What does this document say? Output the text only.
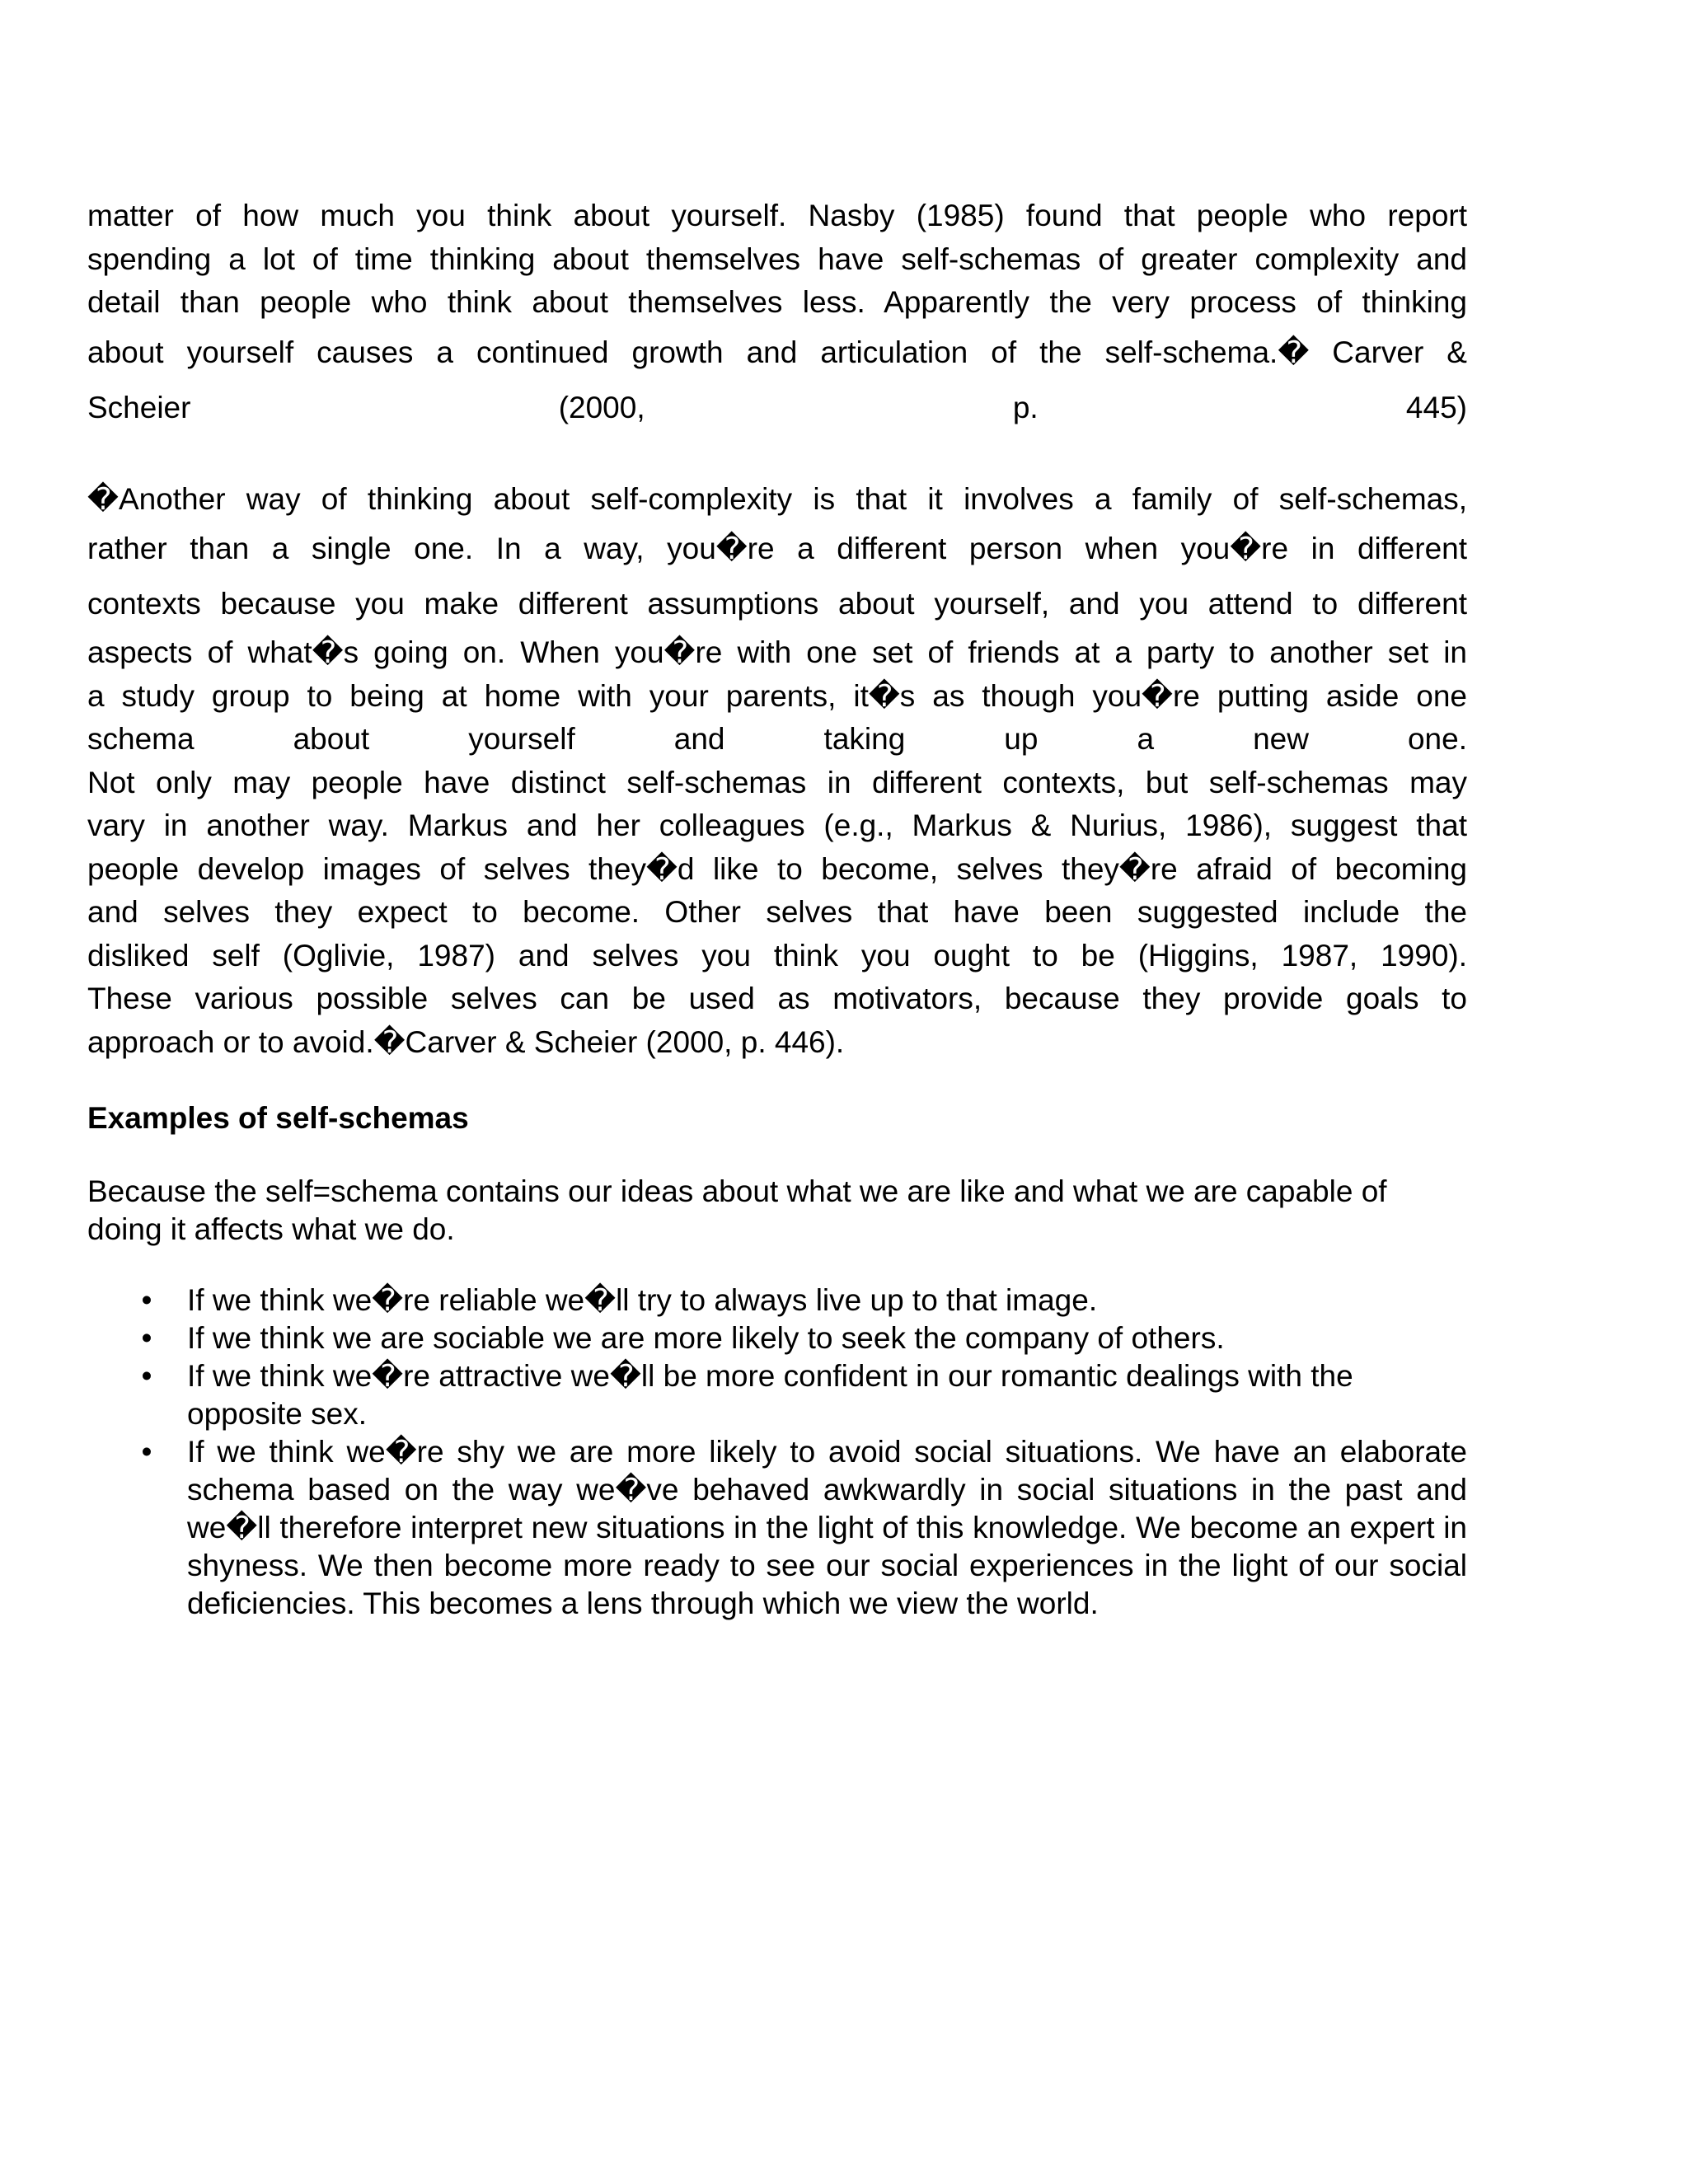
matter of how much you think about yourself. Nasby (1985) found that people who report
spending a lot of time thinking about themselves have self-schemas of greater complexity and
detail than people who think about themselves less. Apparently the very process of thinking
about yourself causes a continued growth and articulation of the self-schema.� Carver &
Scheier (2000, p. 445)
�Another way of thinking about self-complexity is that it involves a family of self-schemas,
rather than a single one. In a way, you�re a different person when you�re in different
contexts because you make different assumptions about yourself, and you attend to different
aspects of what�s going on. When you�re with one set of friends at a party to another set in
a study group to being at home with your parents, it�s as though you�re putting aside one
schema about yourself and taking up a new one.
Not only may people have distinct self-schemas in different contexts, but self-schemas may
vary in another way. Markus and her colleagues (e.g., Markus & Nurius, 1986), suggest that
people develop images of selves they�d like to become, selves they�re afraid of becoming
and selves they expect to become. Other selves that have been suggested include the
disliked self (Oglivie, 1987) and selves you think you ought to be (Higgins, 1987, 1990).
These various possible selves can be used as motivators, because they provide goals to
approach or to avoid.�Carver & Scheier (2000, p. 446).
Examples of self-schemas
Because the self=schema contains our ideas about what we are like and what we are capable of doing it affects what we do.
• If we think we�re reliable we�ll try to always live up to that image.
• If we think we are sociable we are more likely to seek the company of others.
• If we think we�re attractive we�ll be more confident in our romantic dealings with the opposite sex.
• If we think we�re shy we are more likely to avoid social situations. We have an elaborate schema based on the way we�ve behaved awkwardly in social situations in the past and we�ll therefore interpret new situations in the light of this knowledge. We become an expert in shyness. We then become more ready to see our social experiences in the light of our social deficiencies. This becomes a lens through which we view the world.
